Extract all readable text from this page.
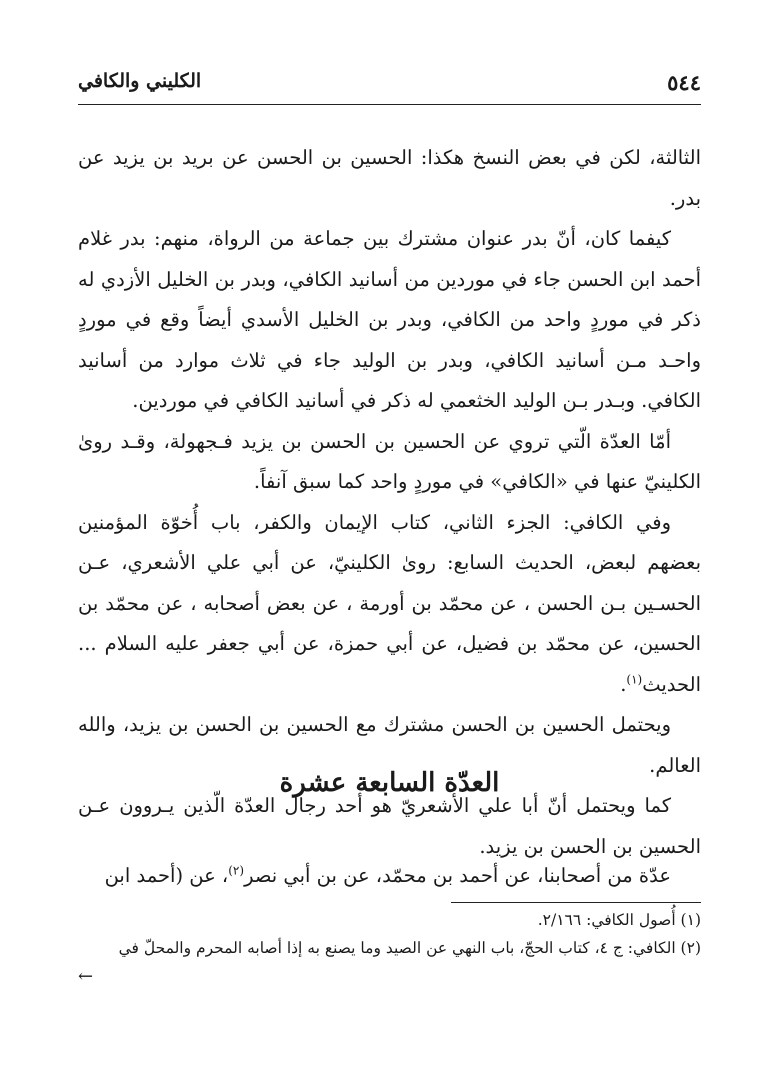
٥٤٤
الكليني والكافي

الثالثة، لكن في بعض النسخ هكذا: الحسين بن الحسن عن بريد بن يزيد عن بدر.

كيفما كان، أنّ بدر عنوان مشترك بين جماعة من الرواة، منهم: بدر غلام أحمد ابن الحسن جاء في موردين من أسانيد الكافي، وبدر بن الخليل الأزدي له ذكر في موردٍ واحد من الكافي، وبدر بن الخليل الأسدي أيضاً وقع في موردٍ واحـد مـن أسانيد الكافي، وبدر بن الوليد جاء في ثلاث موارد من أسانيد الكافي. وبـدر بـن الوليد الخثعمي له ذكر في أسانيد الكافي في موردين.

أمّا العدّة الّتي تروي عن الحسين بن الحسن بن يزيد فـجهولة، وقـد روىٰ الكلينيّ عنها في «الكافي» في موردٍ واحد كما سبق آنفاً.

وفي الكافي: الجزء الثاني، كتاب الإيمان والكفر، باب أُخوّة المؤمنين بعضهم لبعض، الحديث السابع: روىٰ الكلينيّ، عن أبي علي الأشعري، عـن الحسـين بـن الحسن ، عن محمّد بن أورمة ، عن بعض أصحابه ، عن محمّد بن الحسين، عن محمّد بن فضيل، عن أبي حمزة، عن أبي جعفر عليه السلام ... الحديث$^{(١)}$.

ويحتمل الحسين بن الحسن مشترك مع الحسين بن الحسن بن يزيد، والله العالم.

كما ويحتمل أنّ أبا علي الأشعريّ هو أحد رجال العدّة الّذين يـروون عـن الحسين بن الحسن بن يزيد.

العدّة السابعة عشرة

عدّة من أصحابنا، عن أحمد بن محمّد، عن بن أبي نصر$^{(٢)}$، عن (أحمد ابن

(١) أُصول الكافي: ٢/١٦٦.

(٢) الكافي: ج ٤، كتاب الحجّ، باب النهي عن الصيد وما يصنع به إذا أصابه المحرم والمحلّ في

←
